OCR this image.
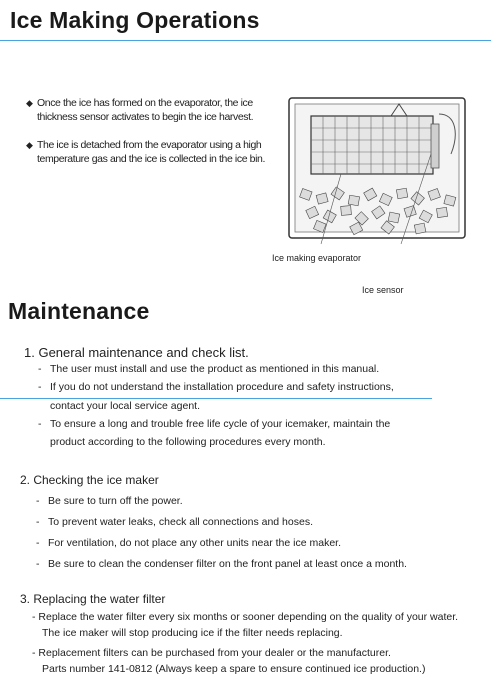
Ice Making Operations
◆ Once the ice has formed on the evaporator, the ice thickness sensor activates to begin the ice harvest.
◆ The ice is detached from the evaporator using a high temperature gas and the ice is collected in the ice bin.
Ice making evaporator
Ice sensor
Maintenance
1. General maintenance and check list.
- The user must install and use the product as mentioned in this manual.
- If you do not understand the installation procedure and safety instructions,
contact your local service agent.
- To ensure a long and trouble free life cycle of your icemaker, maintain the
product according to the following procedures every month.
2. Checking the ice maker
- Be sure to turn off the power.
- To prevent water leaks, check all connections and hoses.
- For ventilation, do not place any other units near the ice maker.
- Be sure to clean the condenser filter on the front panel at least once a month.
3. Replacing the water filter
- Replace the water filter every six months or sooner depending on the quality of your water.
The ice maker will stop producing ice if the filter needs replacing.
- Replacement filters can be purchased from your dealer or the manufacturer.
Parts number 141-0812 (Always keep a spare to ensure continued ice production.)
